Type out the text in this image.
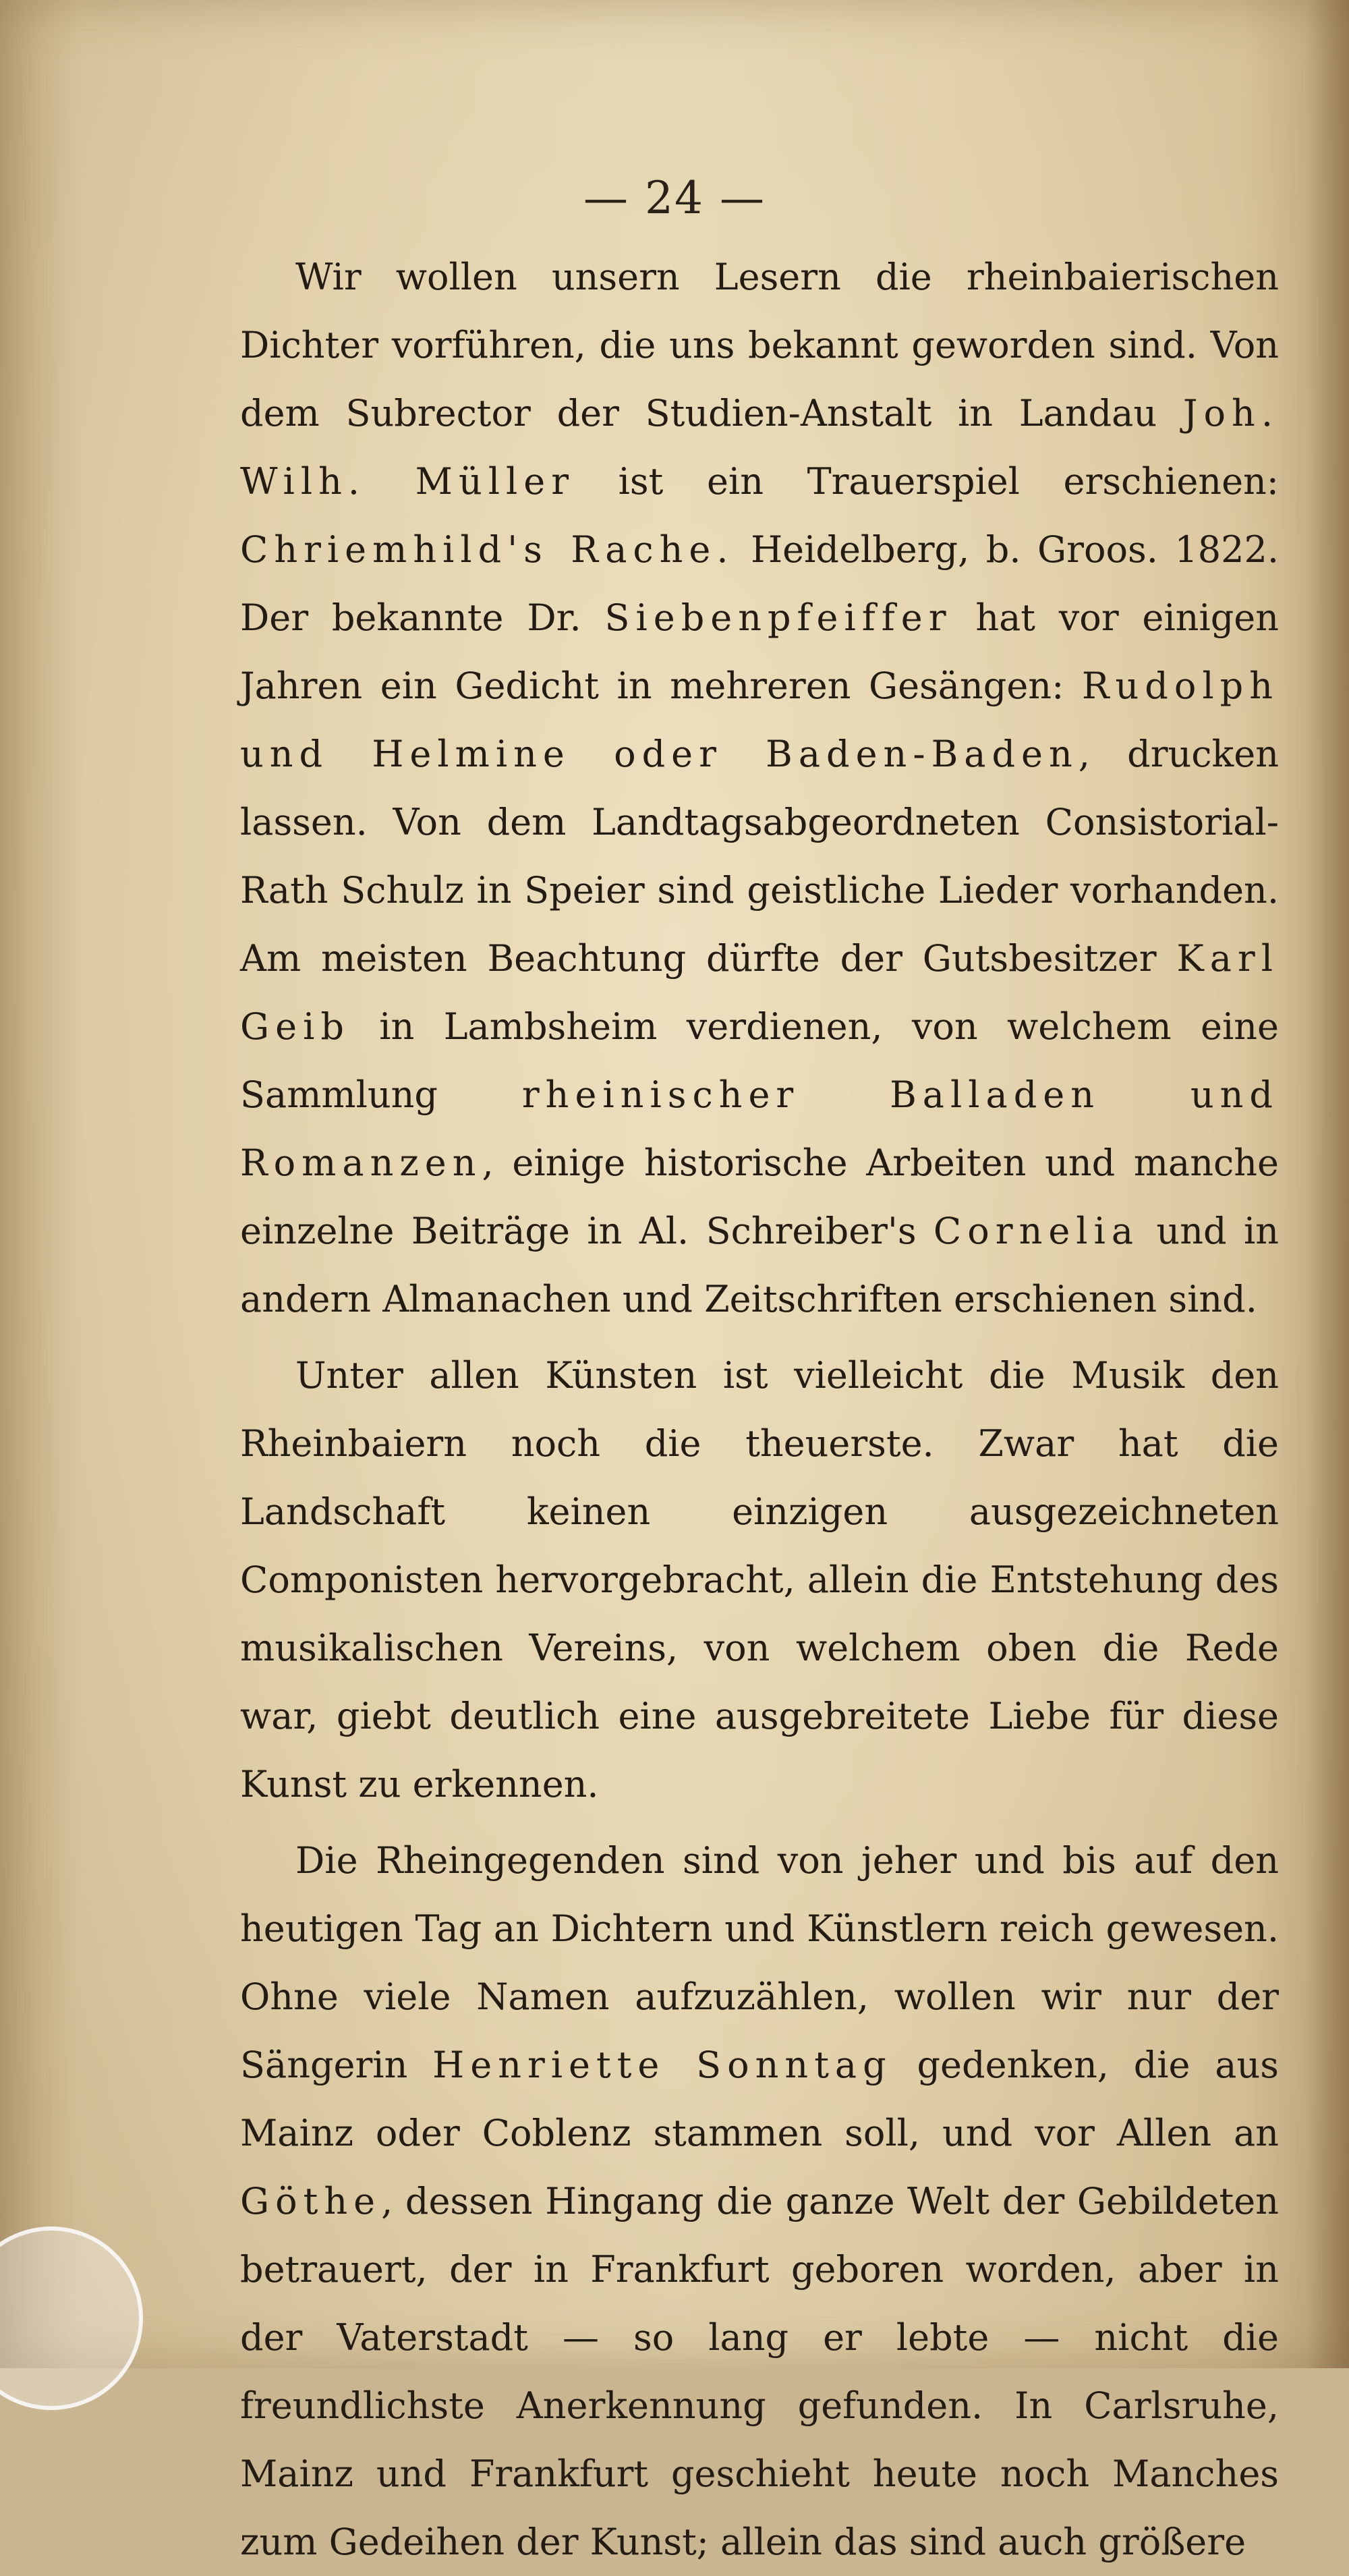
— 24 —

Wir wollen unsern Lesern die rheinbaierischen Dichter vorführen, die uns bekannt geworden sind. Von dem Subrector der Studien-Anstalt in Landau Joh. Wilh. Müller ist ein Trauerspiel erschienen: Chriemhild's Rache. Heidelberg, b. Groos. 1822. Der bekannte Dr. Siebenpfeiffer hat vor einigen Jahren ein Gedicht in mehreren Gesängen: Rudolph und Helmine oder Baden-Baden, drucken lassen. Von dem Landtagsabgeordneten Consistorial-Rath Schulz in Speier sind geistliche Lieder vorhanden. Am meisten Beachtung dürfte der Gutsbesitzer Karl Geib in Lambsheim verdienen, von welchem eine Sammlung rheinischer Balladen und Romanzen, einige historische Arbeiten und manche einzelne Beiträge in Al. Schreiber's Cornelia und in andern Almanachen und Zeitschriften erschienen sind.

Unter allen Künsten ist vielleicht die Musik den Rheinbaiern noch die theuerste. Zwar hat die Landschaft keinen einzigen ausgezeichneten Componisten hervorgebracht, allein die Entstehung des musikalischen Vereins, von welchem oben die Rede war, giebt deutlich eine ausgebreitete Liebe für diese Kunst zu erkennen.

Die Rheingegenden sind von jeher und bis auf den heutigen Tag an Dichtern und Künstlern reich gewesen. Ohne viele Namen aufzuzählen, wollen wir nur der Sängerin Henriette Sonntag gedenken, die aus Mainz oder Coblenz stammen soll, und vor Allen an Göthe, dessen Hingang die ganze Welt der Gebildeten betrauert, der in Frankfurt geboren worden, aber in der Vaterstadt — so lang er lebte — nicht die freundlichste Anerkennung gefunden. In Carlsruhe, Mainz und Frankfurt geschieht heute noch Manches zum Gedeihen der Kunst; allein das sind auch größere
